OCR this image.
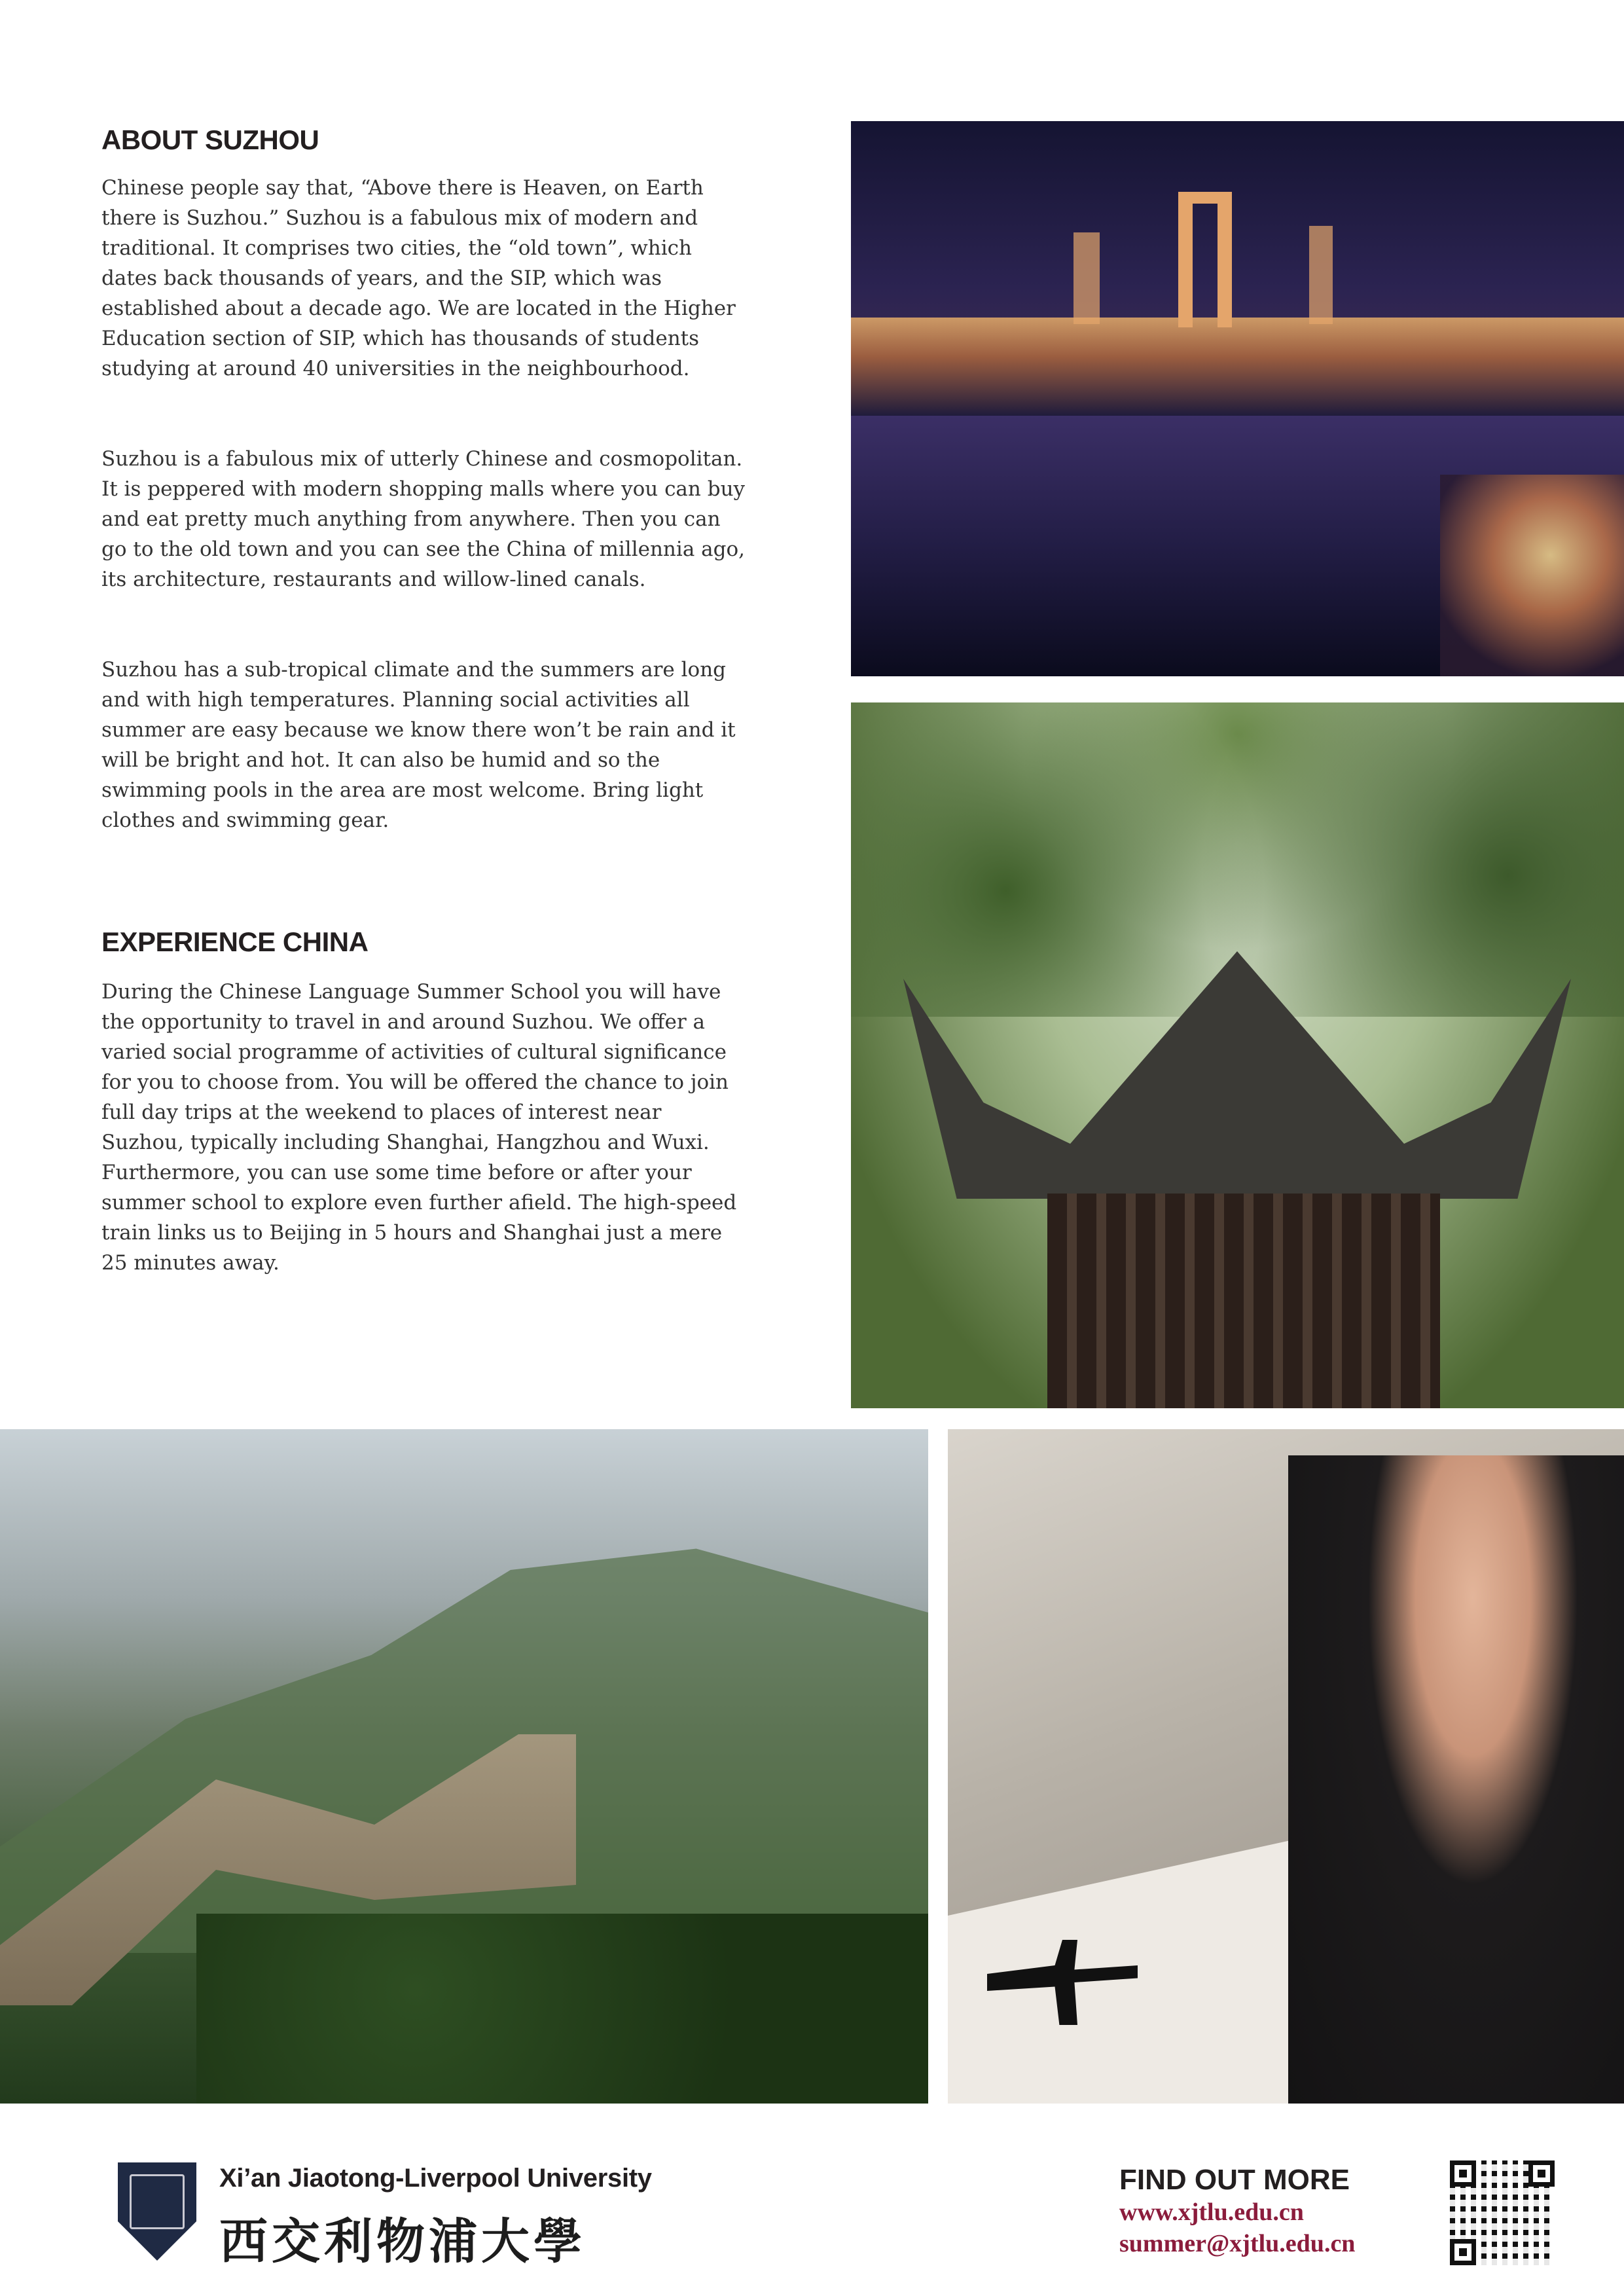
ABOUT SUZHOU

Chinese people say that, “Above there is Heaven, on Earth there is Suzhou.” Suzhou is a fabulous mix of modern and traditional. It comprises two cities, the “old town”, which dates back thousands of years, and the SIP, which was established about a decade ago. We are located in the Higher Education section of SIP, which has thousands of students studying at around 40 universities in the neighbourhood.

Suzhou is a fabulous mix of utterly Chinese and cosmopolitan. It is peppered with modern shopping malls where you can buy and eat pretty much anything from anywhere. Then you can go to the old town and you can see the China of millennia ago, its architecture, restaurants and willow-lined canals.

Suzhou has a sub-tropical climate and the summers are long and with high temperatures. Planning social activities all summer are easy because we know there won’t be rain and it will be bright and hot. It can also be humid and so the swimming pools in the area are most welcome. Bring light clothes and swimming gear.

EXPERIENCE CHINA

During the Chinese Language Summer School you will have the opportunity to travel in and around Suzhou. We offer a varied social programme of activities of cultural significance for you to choose from. You will be offered the chance to join full day trips at the weekend to places of interest near Suzhou, typically including Shanghai, Hangzhou and Wuxi. Furthermore, you can use some time before or after your summer school to explore even further afield. The high-speed train links us to Beijing in 5 hours and Shanghai just a mere 25 minutes away.

Xi’an Jiaotong-Liverpool University
西交利物浦大學
FIND OUT MORE
www.xjtlu.edu.cn
summer@xjtlu.edu.cn
